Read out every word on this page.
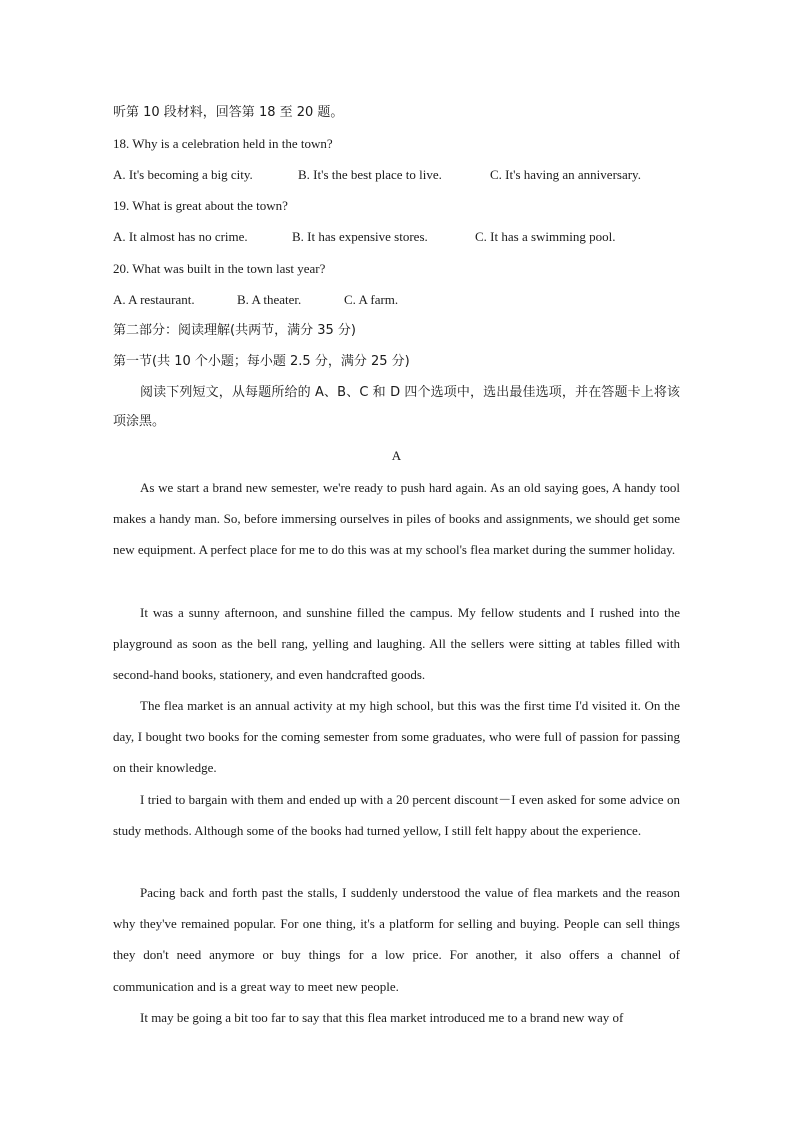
听第 10 段材料，回答第 18 至 20 题。
18. Why is a celebration held in the town?
A. It's becoming a big city.	B. It's the best place to live.	C. It's having an anniversary.
19. What is great about the town?
A. It almost has no crime.	B. It has expensive stores.	C. It has a swimming pool.
20. What was built in the town last year?
A. A restaurant.	B. A theater.	C. A farm.
第二部分：阅读理解(共两节，满分 35 分)
第一节(共 10 个小题；每小题 2.5 分，满分 25 分)
阅读下列短文，从每题所给的 A、B、C 和 D 四个选项中，选出最佳选项，并在答题卡上将该项涂黑。
A
As we start a brand new semester, we're ready to push hard again. As an old saying goes, A handy tool makes a handy man. So, before immersing ourselves in piles of books and assignments, we should get some new equipment. A perfect place for me to do this was at my school's flea market during the summer holiday.
It was a sunny afternoon, and sunshine filled the campus. My fellow students and I rushed into the playground as soon as the bell rang, yelling and laughing. All the sellers were sitting at tables filled with second-hand books, stationery, and even handcrafted goods.
The flea market is an annual activity at my high school, but this was the first time I'd visited it. On the day, I bought two books for the coming semester from some graduates, who were full of passion for passing on their knowledge.
I tried to bargain with them and ended up with a 20 percent discount－I even asked for some advice on study methods. Although some of the books had turned yellow, I still felt happy about the experience.
Pacing back and forth past the stalls, I suddenly understood the value of flea markets and the reason why they've remained popular. For one thing, it's a platform for selling and buying. People can sell things they don't need anymore or buy things for a low price. For another, it also offers a channel of communication and is a great way to meet new people.
It may be going a bit too far to say that this flea market introduced me to a brand new way of
